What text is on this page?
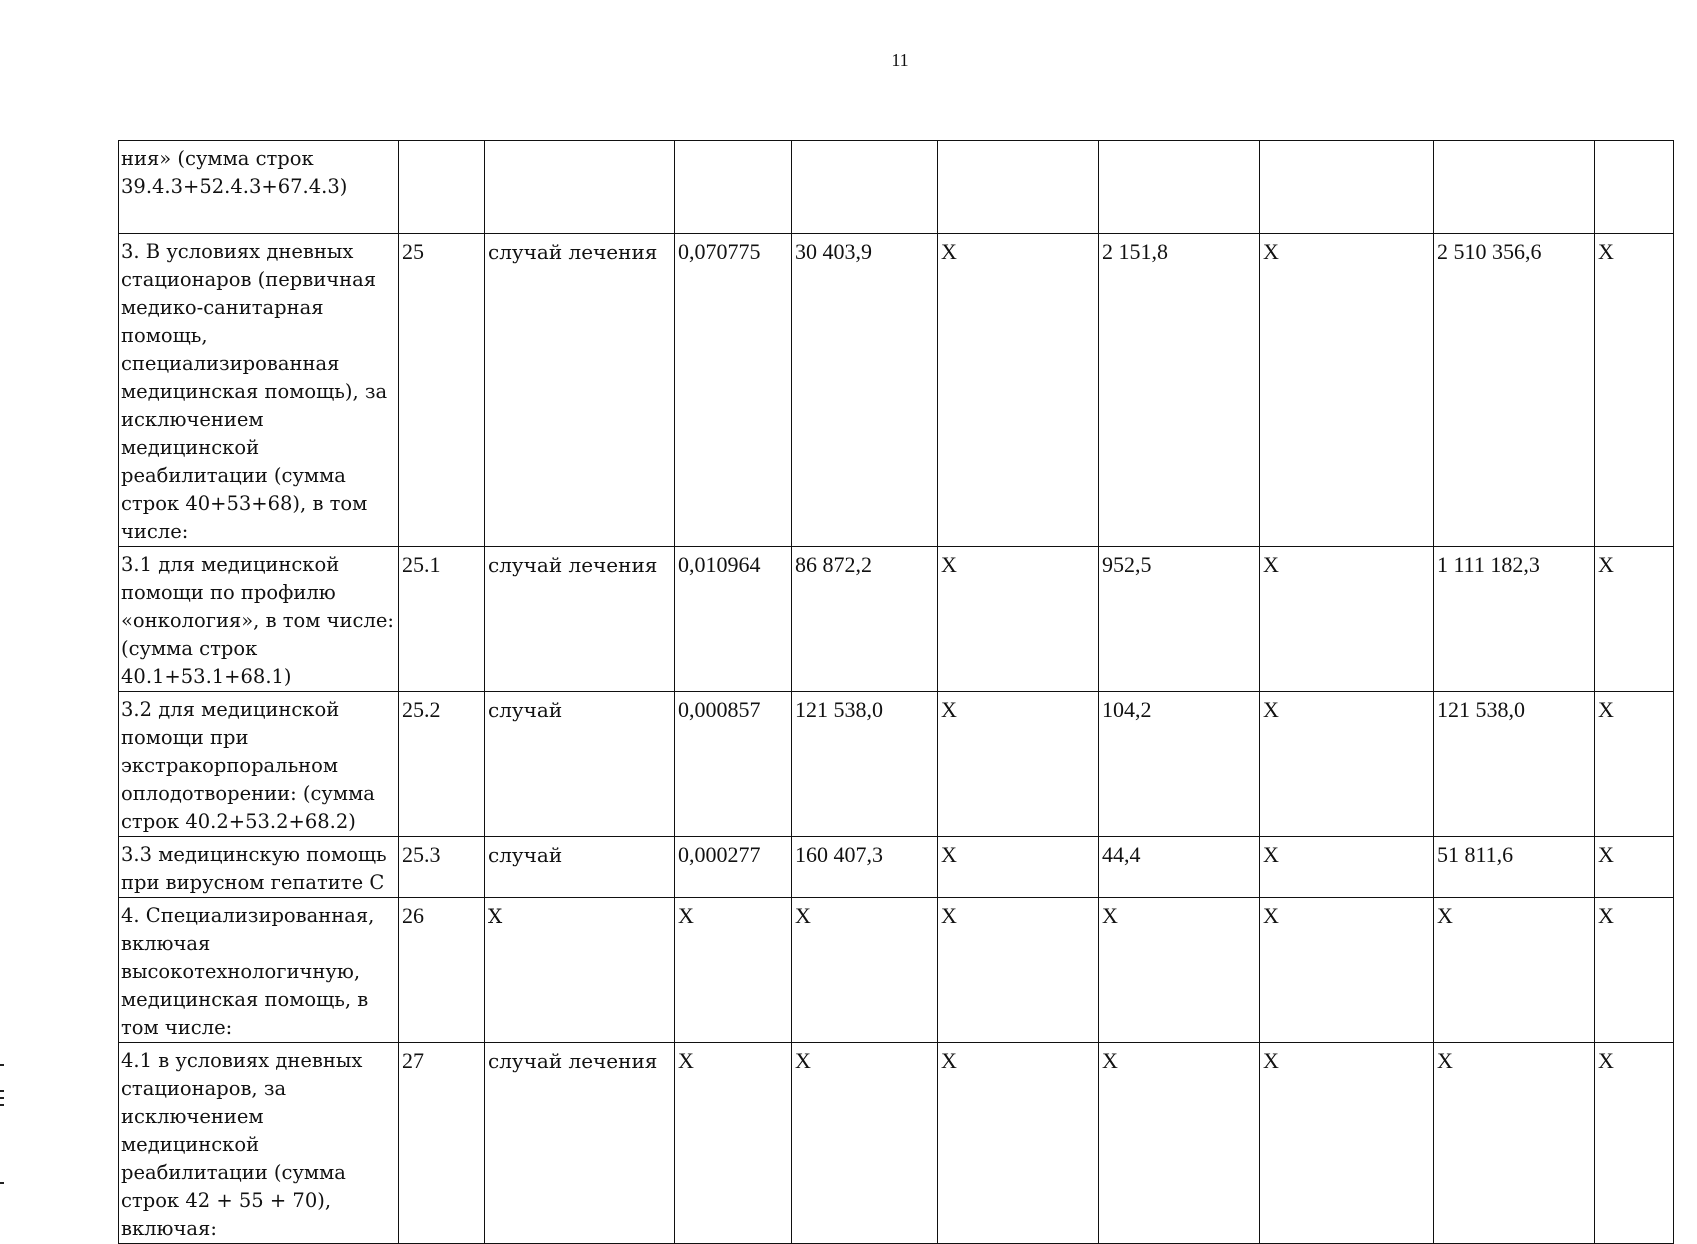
11
ния» (сумма строк 39.4.3+52.4.3+67.4.3)									
3. В условиях дневных стационаров (первичная медико-санитарная помощь, специализированная медицинская помощь), за исключением медицинской реабилитации (сумма строк 40+53+68), в том числе:	25	случай лечения	0,070775	30 403,9	X	2 151,8	X	2 510 356,6	X
3.1 для медицинской помощи по профилю «онкология», в том числе: (сумма строк 40.1+53.1+68.1)	25.1	случай лечения	0,010964	86 872,2	X	952,5	X	1 111 182,3	X
3.2 для медицинской помощи при экстракорпоральном оплодотворении: (сумма строк 40.2+53.2+68.2)	25.2	случай	0,000857	121 538,0	X	104,2	X	121 538,0	X
3.3 медицинскую помощь при вирусном гепатите С	25.3	случай	0,000277	160 407,3	X	44,4	X	51 811,6	X
4. Специализированная, включая высокотехнологичную, медицинская помощь, в том числе:	26	X	X	X	X	X	X	X	X
4.1 в условиях дневных стационаров, за исключением медицинской реабилитации (сумма строк 42 + 55 + 70), включая:	27	случай лечения	X	X	X	X	X	X	X
